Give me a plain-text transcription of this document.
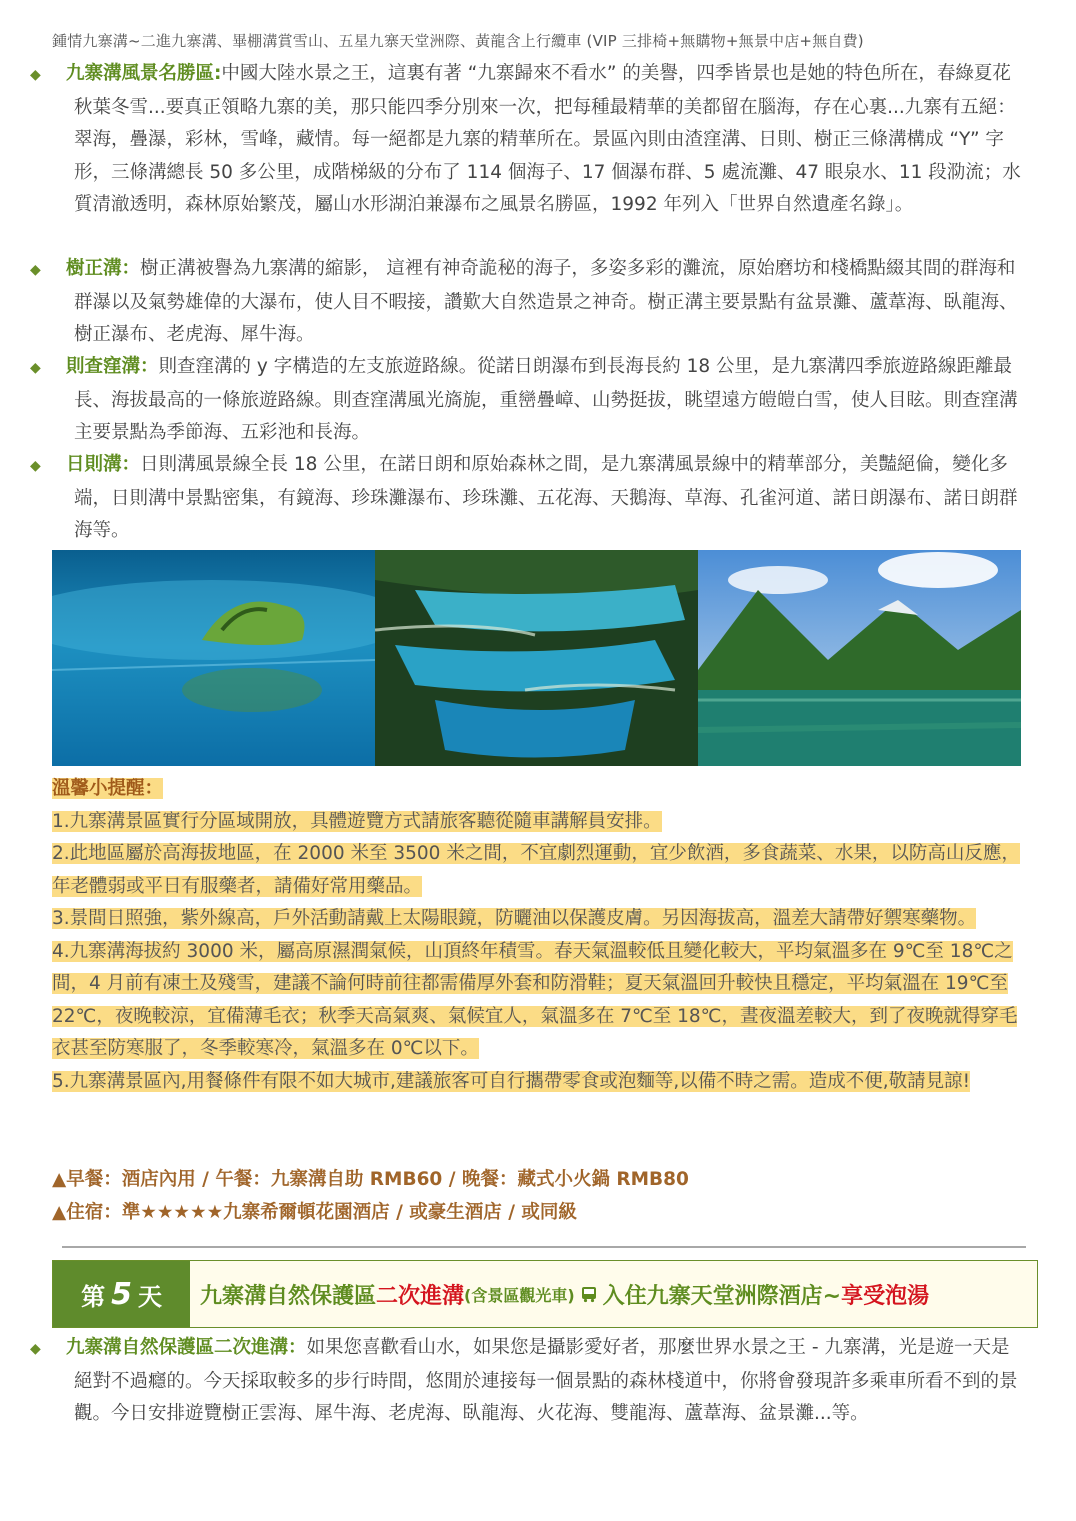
鍾情九寨溝~二進九寨溝、畢棚溝賞雪山、五星九寨天堂洲際、黃龍含上行纜車 (VIP 三排椅+無購物+無景中店+無自費)
◆ 九寨溝風景名勝區:中國大陸水景之王，這裏有著 “九寨歸來不看水” 的美譽，四季皆景也是她的特色所在，春綠夏花秋葉冬雪...要真正領略九寨的美，那只能四季分別來一次，把每種最精華的美都留在腦海，存在心裏...九寨有五絕：翠海，疊瀑，彩林，雪峰，藏情。每一絕都是九寨的精華所在。景區內則由渣窪溝、日則、樹正三條溝構成 “Y” 字形，三條溝總長 50 多公里，成階梯級的分布了 114 個海子、17 個瀑布群、5 處流灘、47 眼泉水、11 段泐流；水質清澈透明，森林原始繁茂，屬山水形湖泊兼瀑布之風景名勝區，1992 年列入「世界自然遺產名錄」。
◆ 樹正溝：樹正溝被譽為九寨溝的縮影， 這裡有神奇詭秘的海子，多姿多彩的灘流，原始磨坊和棧橋點綴其間的群海和群瀑以及氣勢雄偉的大瀑布，使人目不暇接，讚歎大自然造景之神奇。樹正溝主要景點有盆景灘、蘆葦海、臥龍海、樹正瀑布、老虎海、犀牛海。
◆ 則查窪溝：則查窪溝的 y 字構造的左支旅遊路線。從諾日朗瀑布到長海長約 18 公里，是九寨溝四季旅遊路線距離最長、海拔最高的一條旅遊路線。則查窪溝風光旖旎，重巒疊嶂、山勢挺拔，眺望遠方皚皚白雪，使人目眩。則查窪溝主要景點為季節海、五彩池和長海。
◆ 日則溝：日則溝風景線全長 18 公里，在諾日朗和原始森林之間，是九寨溝風景線中的精華部分，美豔絕倫，變化多端，日則溝中景點密集，有鏡海、珍珠灘瀑布、珍珠灘、五花海、天鵝海、草海、孔雀河道、諾日朗瀑布、諾日朗群海等。
溫馨小提醒：
1.九寨溝景區實行分區域開放，具體遊覽方式請旅客聽從隨車講解員安排。
2.此地區屬於高海拔地區，在 2000 米至 3500 米之間，不宜劇烈運動，宜少飲酒，多食蔬菜、水果，以防高山反應，年老體弱或平日有服藥者，請備好常用藥品。
3.景間日照強，紫外線高，戶外活動請戴上太陽眼鏡，防曬油以保護皮膚。另因海拔高，溫差大請帶好禦寒藥物。
4.九寨溝海拔約 3000 米，屬高原濕潤氣候，山頂終年積雪。春天氣溫較低且變化較大，平均氣溫多在 9℃至 18℃之間，4 月前有凍土及殘雪，建議不論何時前往都需備厚外套和防滑鞋；夏天氣溫回升較快且穩定，平均氣溫在 19℃至 22℃，夜晚較涼，宜備薄毛衣；秋季天高氣爽、氣候宜人，氣溫多在 7℃至 18℃，晝夜溫差較大，到了夜晚就得穿毛衣甚至防寒服了，冬季較寒冷，氣溫多在 0℃以下。
5.九寨溝景區內,用餐條件有限不如大城市,建議旅客可自行攜帶零食或泡麵等,以備不時之需。造成不便,敬請見諒!
▲早餐：酒店內用 / 午餐：九寨溝自助 RMB60 / 晚餐：藏式小火鍋 RMB80
▲住宿：準★★★★★九寨希爾頓花園酒店 / 或豪生酒店 / 或同級
第 5 天 九寨溝自然保護區 二次進溝 (含景區觀光車) 入住九寨天堂洲際酒店~ 享受泡湯
◆ 九寨溝自然保護區二次進溝：如果您喜歡看山水，如果您是攝影愛好者，那麼世界水景之王 - 九寨溝，光是遊一天是絕對不過癮的。今天採取較多的步行時間，悠閒於連接每一個景點的森林棧道中，你將會發現許多乘車所看不到的景觀。今日安排遊覽樹正雲海、犀牛海、老虎海、臥龍海、火花海、雙龍海、蘆葦海、盆景灘...等。
